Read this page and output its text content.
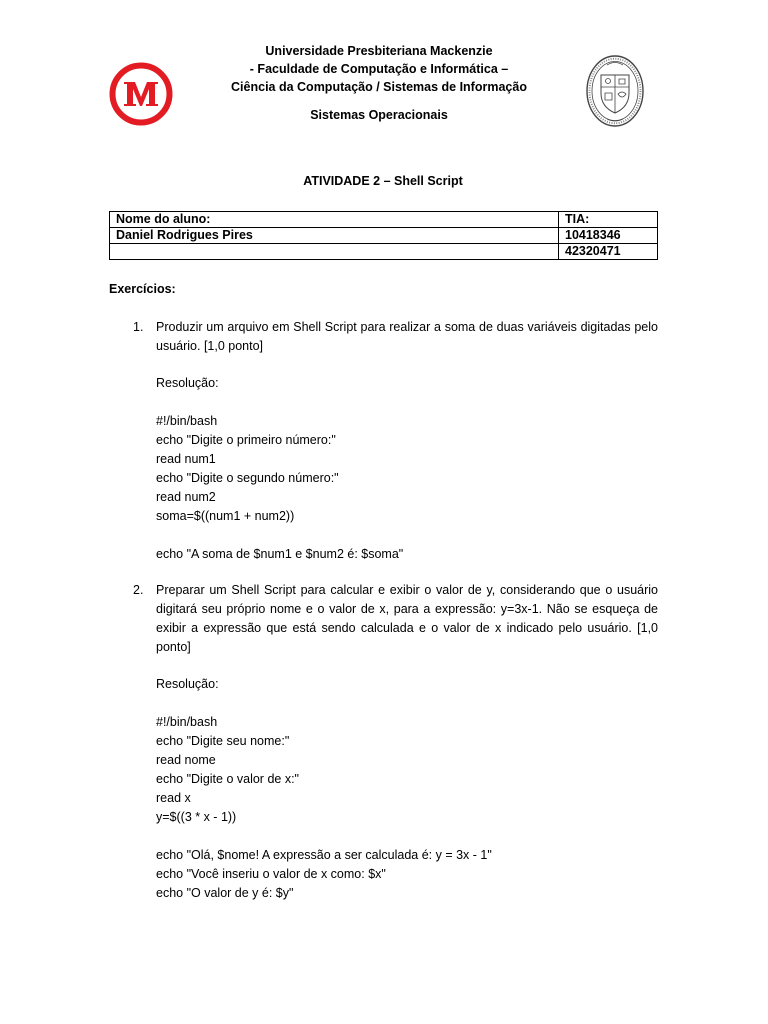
Universidade Presbiteriana Mackenzie
- Faculdade de Computação e Informática –
Ciência da Computação / Sistemas de Informação
Sistemas Operacionais
ATIVIDADE 2 – Shell Script
Nome do aluno:	TIA:
Daniel Rodrigues Pires	10418346
	42320471
Exercícios:
1. Produzir um arquivo em Shell Script para realizar a soma de duas variáveis digitadas pelo usuário. [1,0 ponto]
Resolução:
#!/bin/bash
echo "Digite o primeiro número:"
read num1
echo "Digite o segundo número:"
read num2
soma=$((num1 + num2))
echo "A soma de $num1 e $num2 é: $soma"
2. Preparar um Shell Script para calcular e exibir o valor de y, considerando que o usuário digitará seu próprio nome e o valor de x, para a expressão: y=3x-1. Não se esqueça de exibir a expressão que está sendo calculada e o valor de x indicado pelo usuário. [1,0 ponto]
Resolução:
#!/bin/bash
echo "Digite seu nome:"
read nome
echo "Digite o valor de x:"
read x
y=$((3 * x - 1))
echo "Olá, $nome! A expressão a ser calculada é: y = 3x - 1"
echo "Você inseriu o valor de x como: $x"
echo "O valor de y é: $y"
